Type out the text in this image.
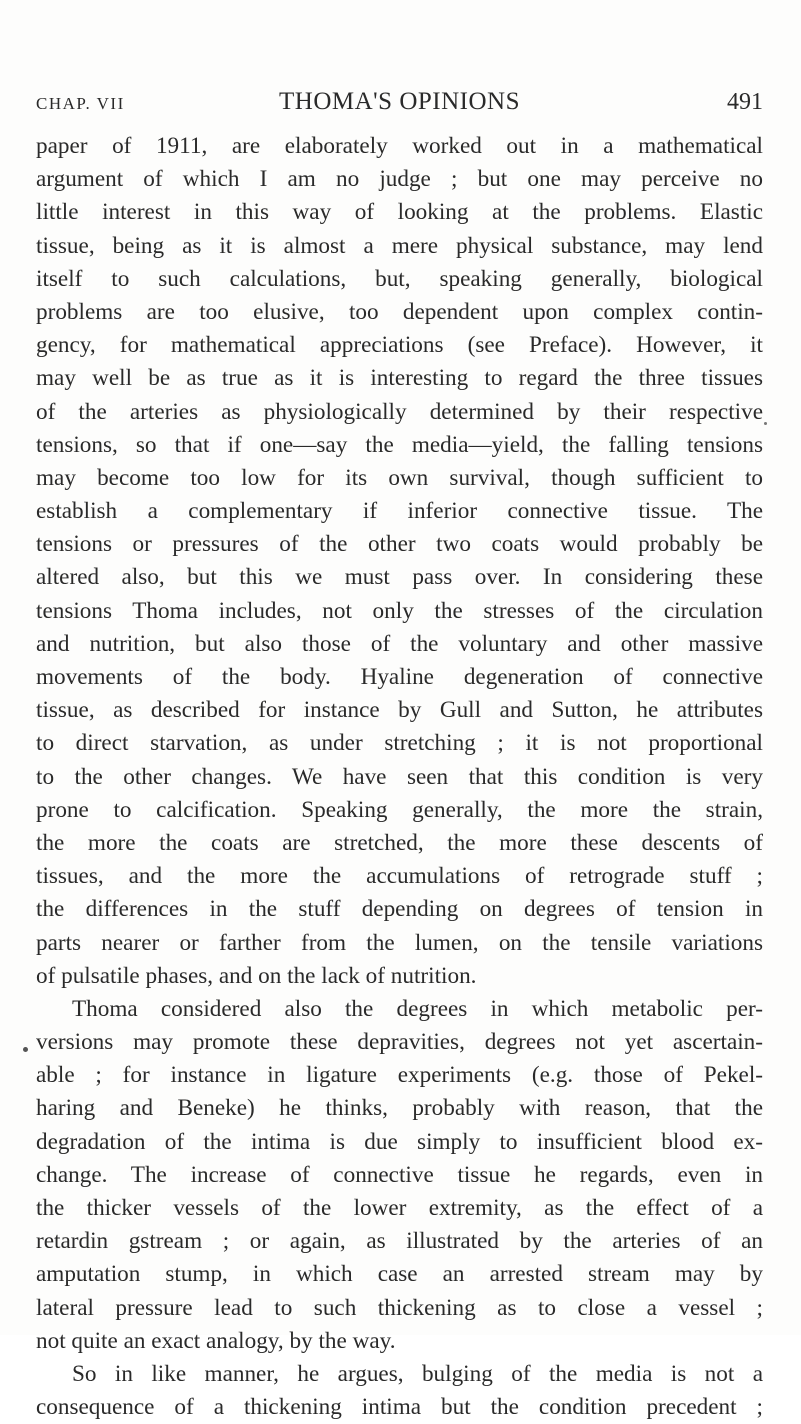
CHAP. VII	THOMA'S OPINIONS	491
paper of 1911, are elaborately worked out in a mathematical
argument of which I am no judge ; but one may perceive no
little interest in this way of looking at the problems. Elastic
tissue, being as it is almost a mere physical substance, may lend
itself to such calculations, but, speaking generally, biological
problems are too elusive, too dependent upon complex contin-
gency, for mathematical appreciations (see Preface). However, it
may well be as true as it is interesting to regard the three tissues
of the arteries as physiologically determined by their respective
tensions, so that if one—say the media—yield, the falling tensions
may become too low for its own survival, though sufficient to
establish a complementary if inferior connective tissue. The
tensions or pressures of the other two coats would probably be
altered also, but this we must pass over. In considering these
tensions Thoma includes, not only the stresses of the circulation
and nutrition, but also those of the voluntary and other massive
movements of the body. Hyaline degeneration of connective
tissue, as described for instance by Gull and Sutton, he attributes
to direct starvation, as under stretching ; it is not proportional
to the other changes. We have seen that this condition is very
prone to calcification. Speaking generally, the more the strain,
the more the coats are stretched, the more these descents of
tissues, and the more the accumulations of retrograde stuff ;
the differences in the stuff depending on degrees of tension in
parts nearer or farther from the lumen, on the tensile variations
of pulsatile phases, and on the lack of nutrition.
Thoma considered also the degrees in which metabolic per-
versions may promote these depravities, degrees not yet ascertain-
able ; for instance in ligature experiments (e.g. those of Pekel-
haring and Beneke) he thinks, probably with reason, that the
degradation of the intima is due simply to insufficient blood ex-
change. The increase of connective tissue he regards, even in
the thicker vessels of the lower extremity, as the effect of a
retardin gstream ; or again, as illustrated by the arteries of an
amputation stump, in which case an arrested stream may by
lateral pressure lead to such thickening as to close a vessel ;
not quite an exact analogy, by the way.
So in like manner, he argues, bulging of the media is not a
consequence of a thickening intima but the condition precedent ;
